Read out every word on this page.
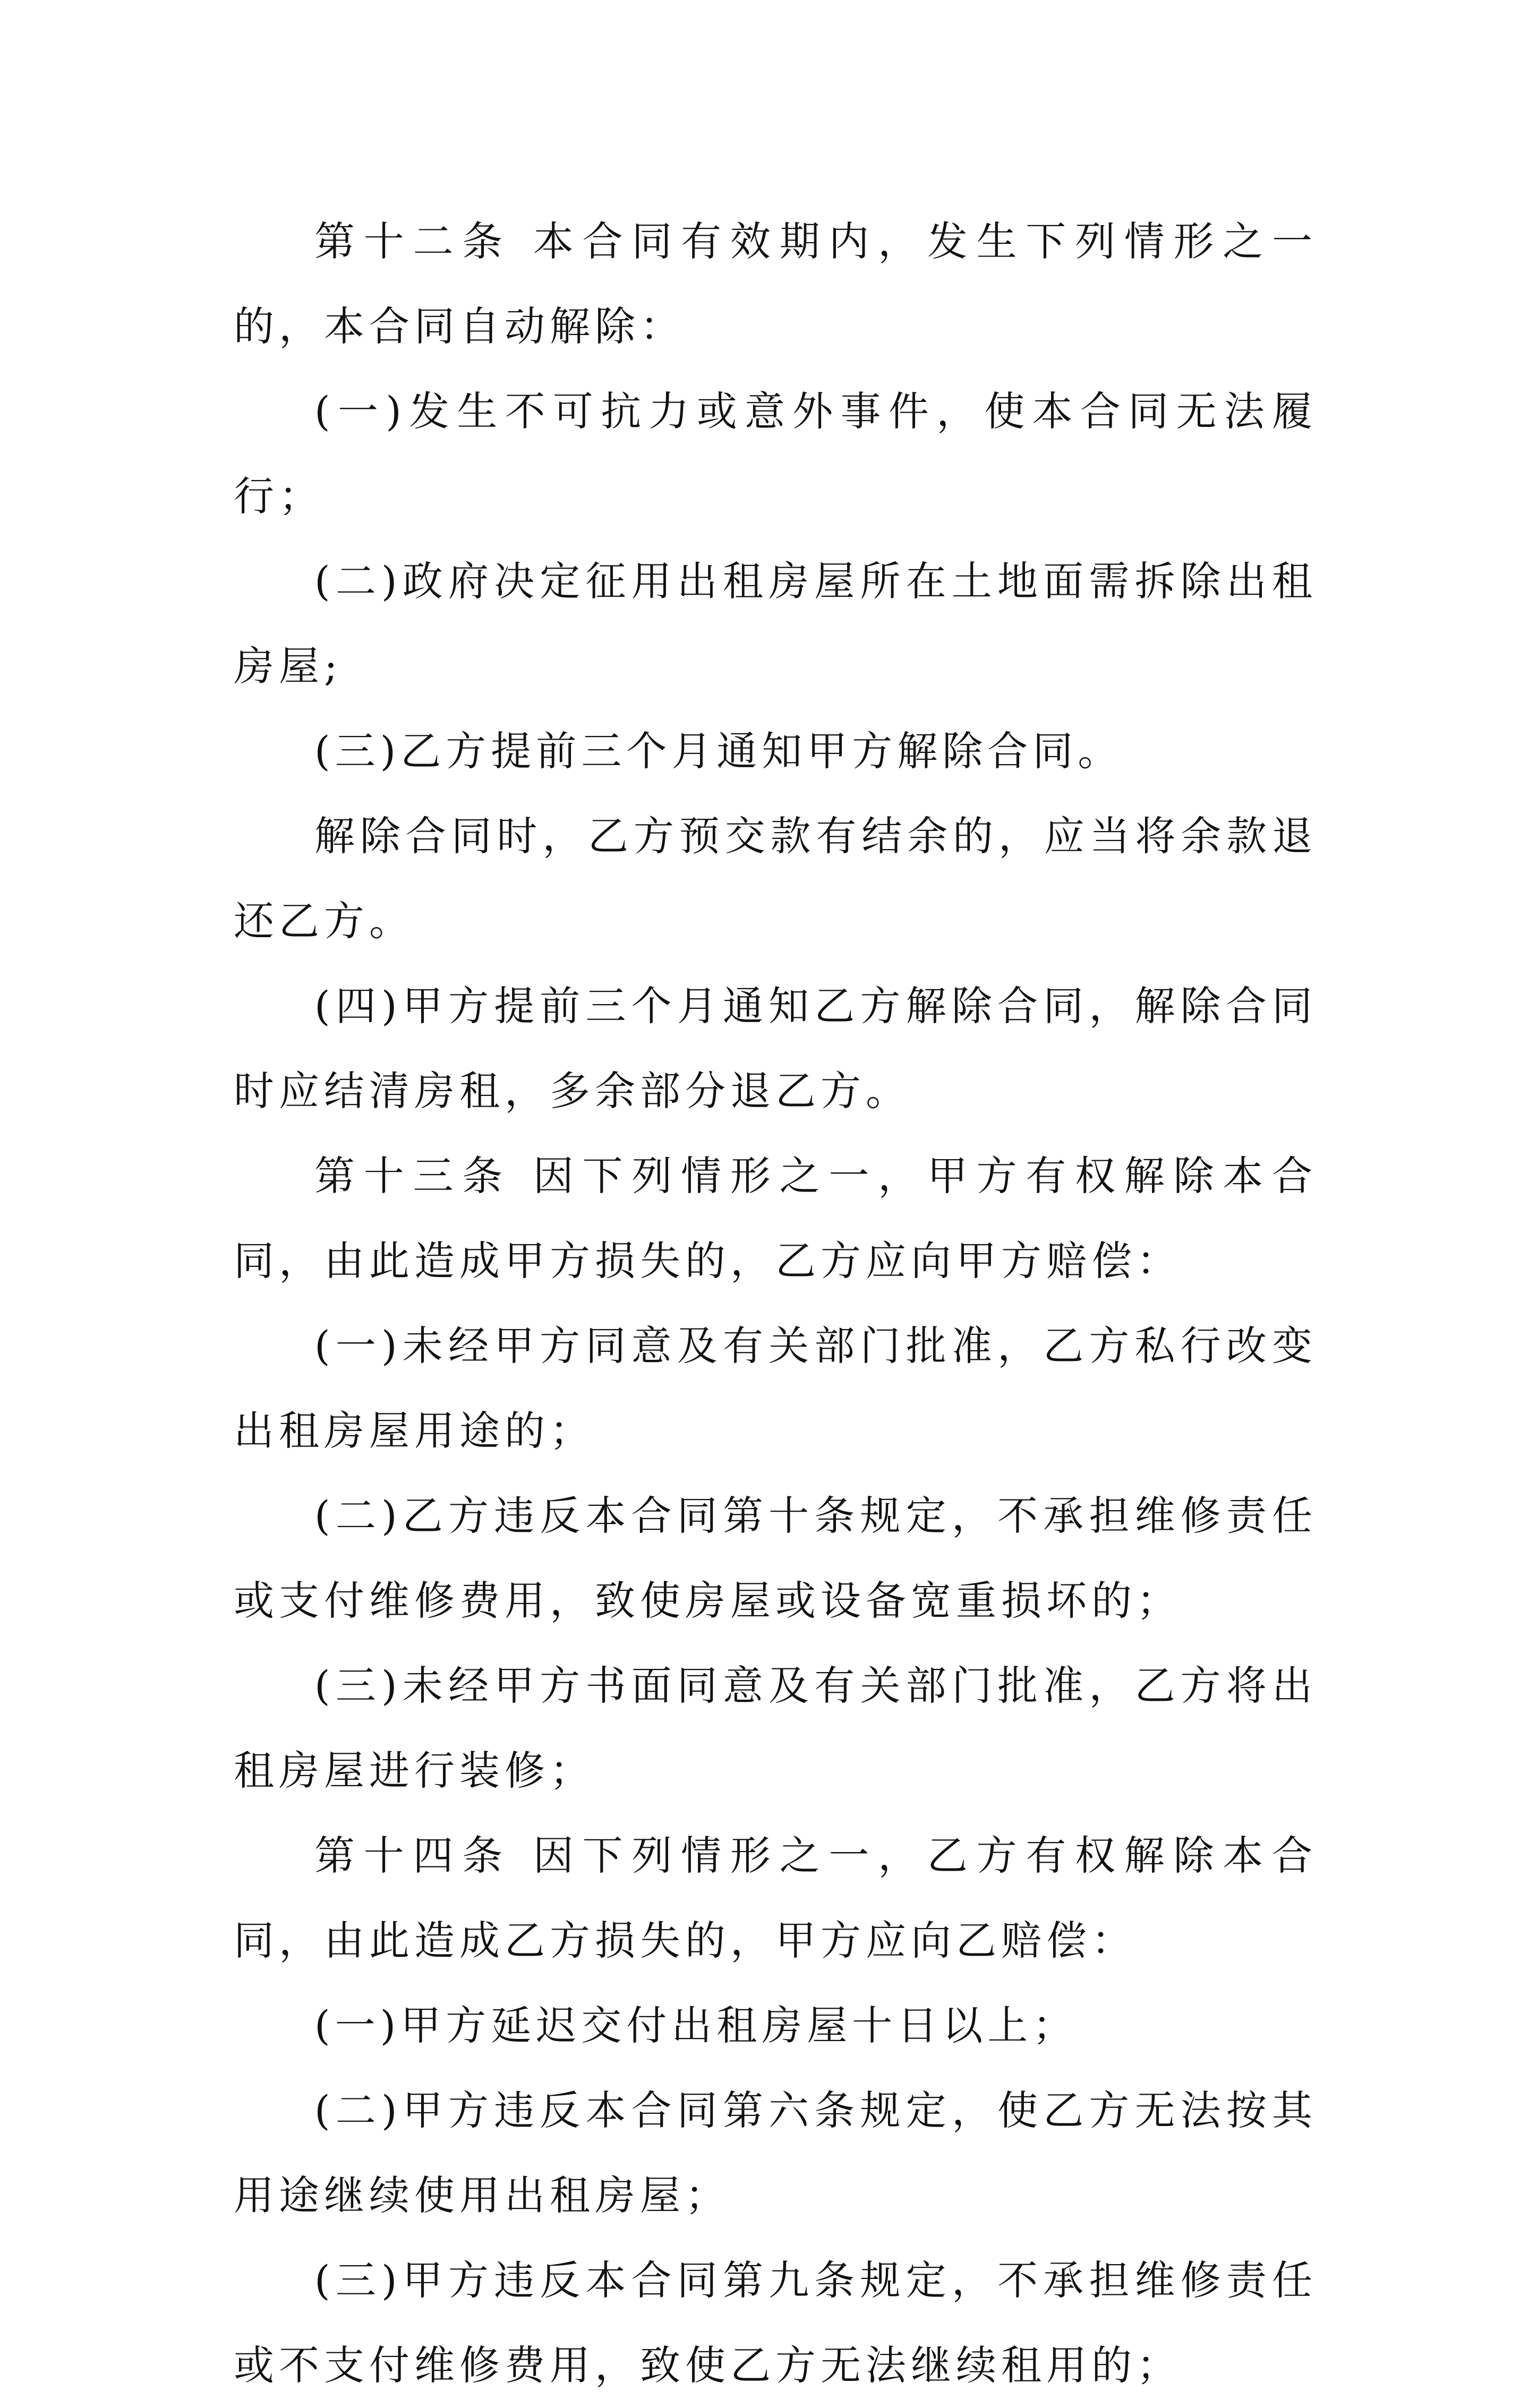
第十二条 本合同有效期内，发生下列情形之一的，本合同自动解除：

(一)发生不可抗力或意外事件，使本合同无法履行；

(二)政府决定征用出租房屋所在土地面需拆除出租房屋;

(三)乙方提前三个月通知甲方解除合同。

解除合同时，乙方预交款有结余的，应当将余款退还乙方。

(四)甲方提前三个月通知乙方解除合同，解除合同时应结清房租，多余部分退乙方。

第十三条 因下列情形之一，甲方有权解除本合同，由此造成甲方损失的，乙方应向甲方赔偿：

(一)未经甲方同意及有关部门批准，乙方私行改变出租房屋用途的；

(二)乙方违反本合同第十条规定，不承担维修责任或支付维修费用，致使房屋或设备宽重损坏的；

(三)未经甲方书面同意及有关部门批准，乙方将出租房屋进行装修；

第十四条 因下列情形之一，乙方有权解除本合同，由此造成乙方损失的，甲方应向乙赔偿：

(一)甲方延迟交付出租房屋十日以上；

(二)甲方违反本合同第六条规定，使乙方无法按其用途继续使用出租房屋；

(三)甲方违反本合同第九条规定，不承担维修责任或不支付维修费用，致使乙方无法继续租用的；
